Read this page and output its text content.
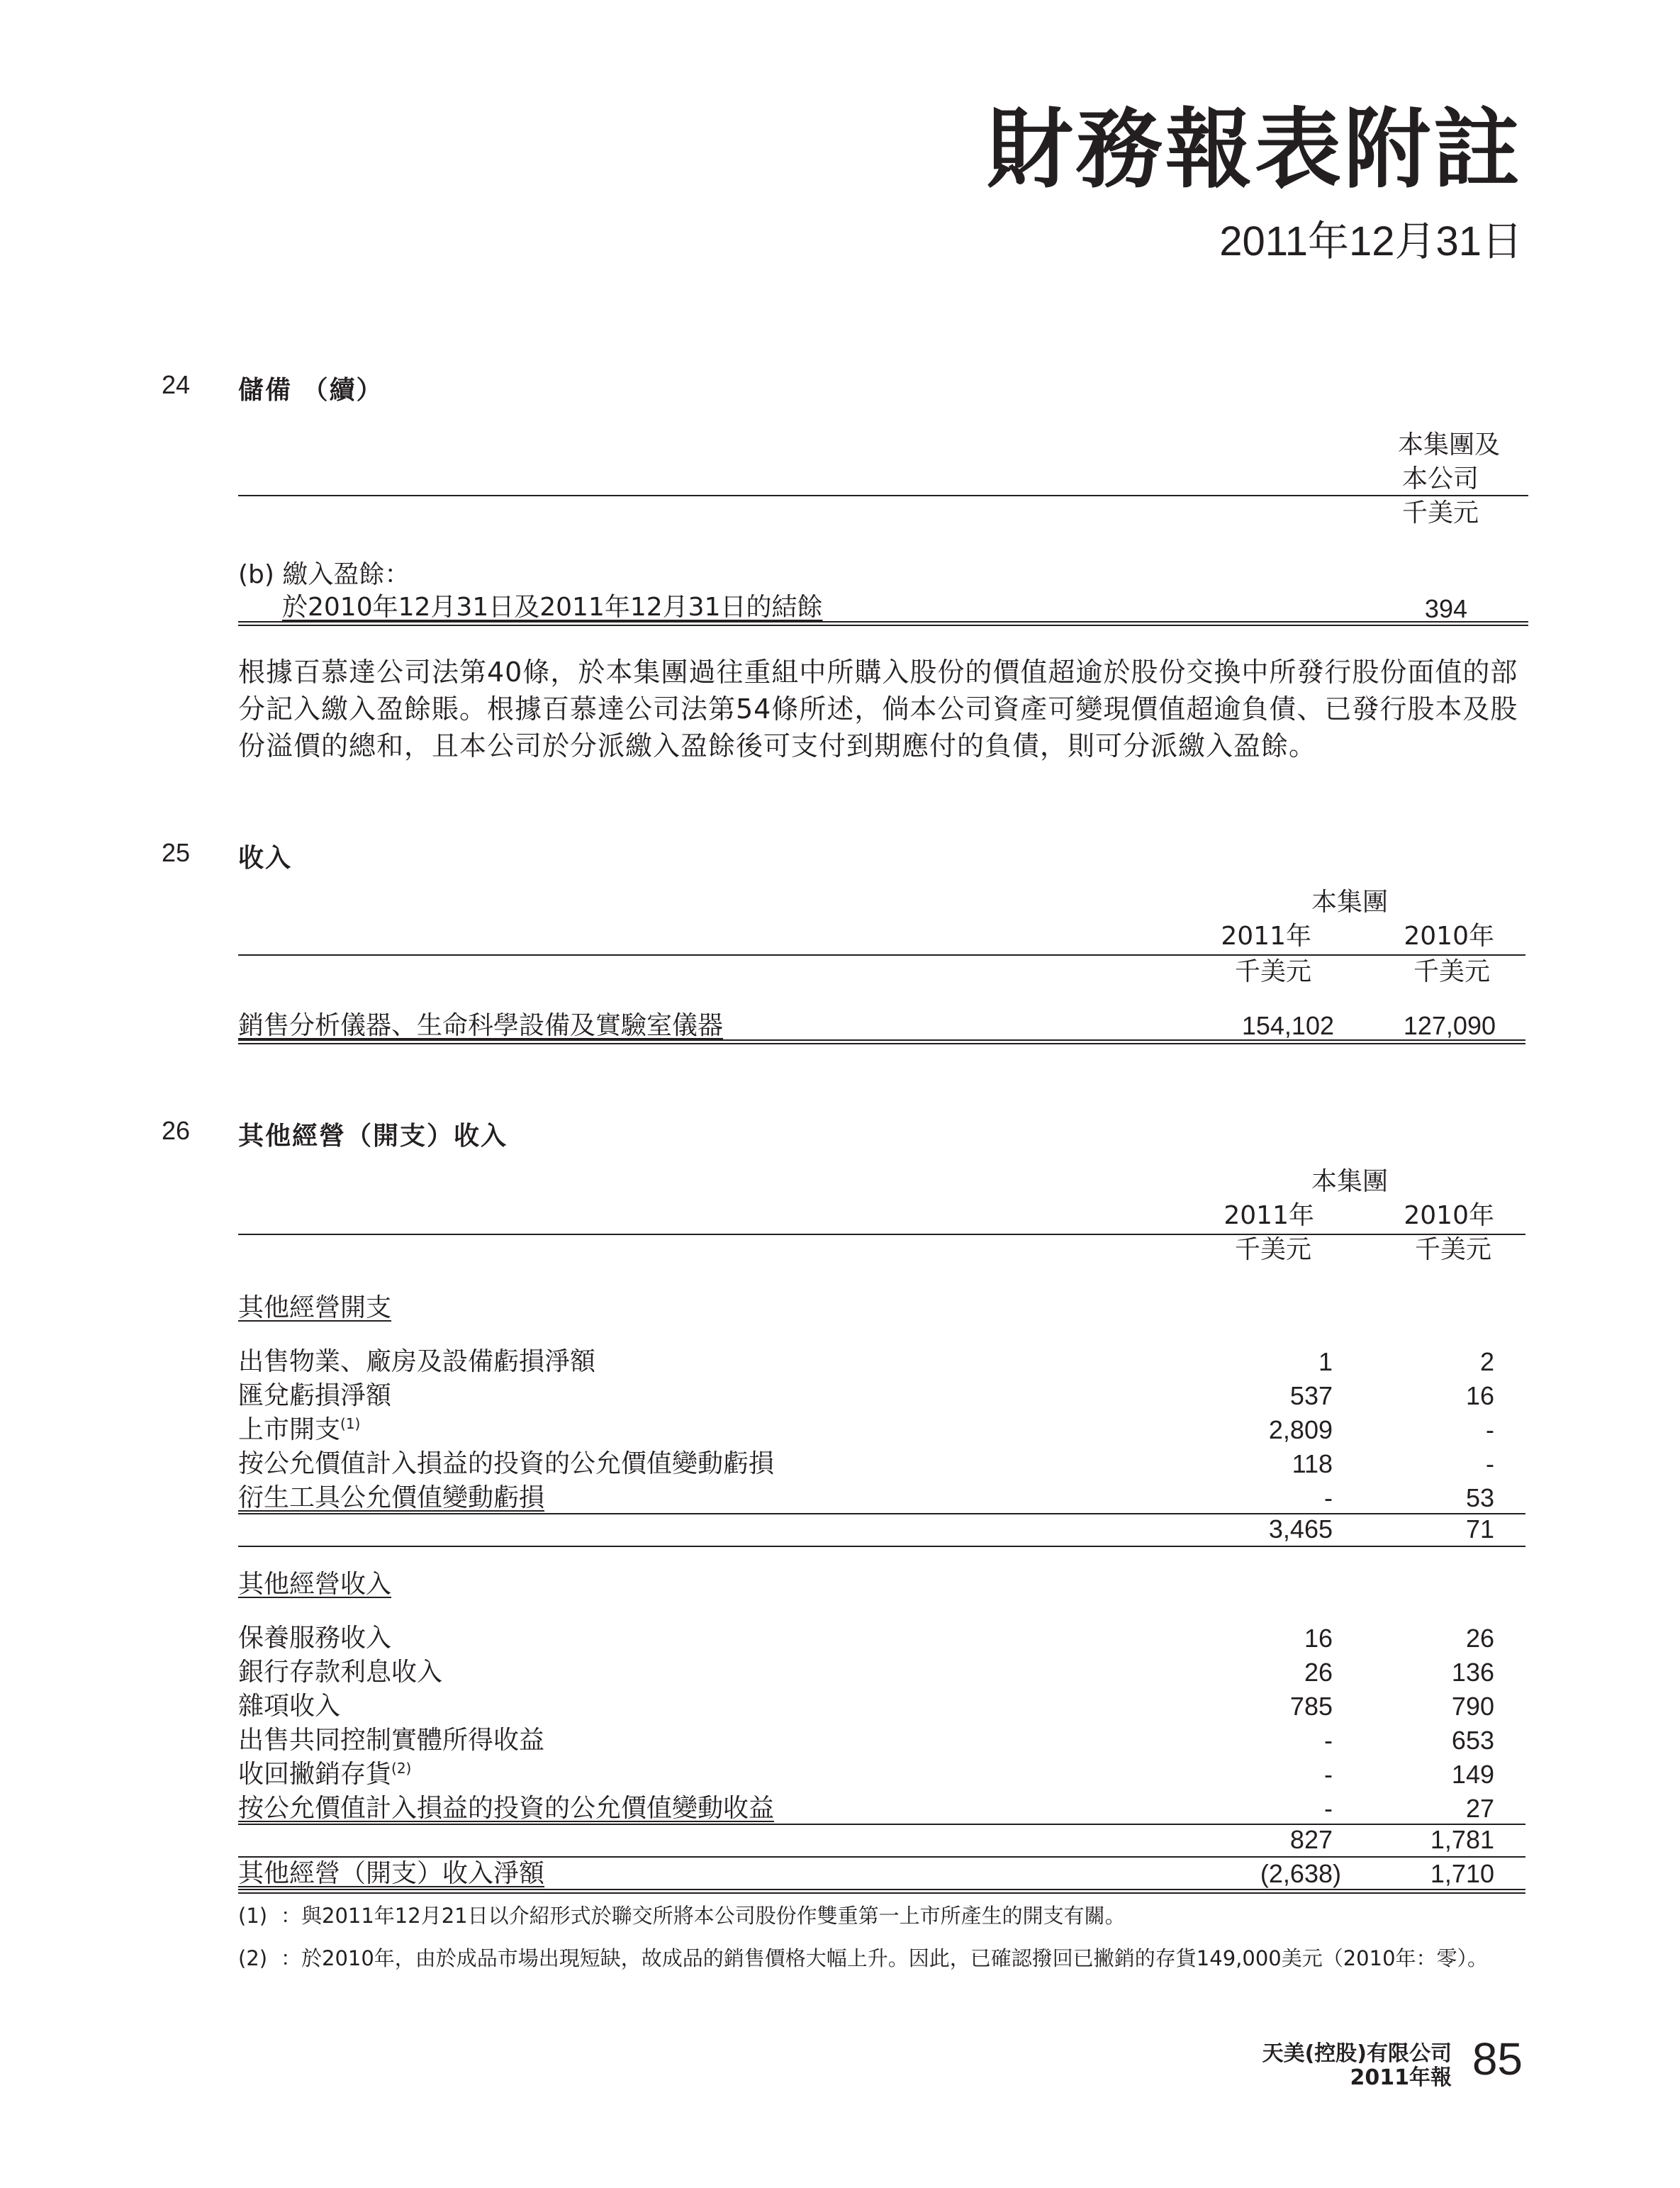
財務報表附註
2011年12月31日
24 儲備 （續）
本集團及
本公司
千美元
(b) 繳入盈餘：
於2010年12月31日及2011年12月31日的結餘	394
根據百慕達公司法第40條，於本集團過往重組中所購入股份的價值超逾於股份交換中所發行股份面值的部分記入繳入盈餘賬。根據百慕達公司法第54條所述，倘本公司資產可變現價值超逾負債、已發行股本及股份溢價的總和，且本公司於分派繳入盈餘後可支付到期應付的負債，則可分派繳入盈餘。
25 收入
本集團
2011年	2010年
千美元	千美元
銷售分析儀器、生命科學設備及實驗室儀器	154,102	127,090
26 其他經營（開支）收入
本集團
2011年	2010年
千美元	千美元
其他經營開支
出售物業、廠房及設備虧損淨額	1	2
匯兌虧損淨額	537	16
上市開支$^{(1)}$	2,809	-
按公允價值計入損益的投資的公允價值變動虧損	118	-
衍生工具公允價值變動虧損	-	53
3,465	71
其他經營收入
保養服務收入	16	26
銀行存款利息收入	26	136
雜項收入	785	790
出售共同控制實體所得收益	-	653
收回撇銷存貨$^{(2)}$	-	149
按公允價值計入損益的投資的公允價值變動收益	-	27
827	1,781
其他經營（開支）收入淨額	(2,638)	1,710
(1) ：與2011年12月21日以介紹形式於聯交所將本公司股份作雙重第一上市所產生的開支有關。
(2) ：於2010年，由於成品市場出現短缺，故成品的銷售價格大幅上升。因此，已確認撥回已撇銷的存貨149,000美元（2010年：零）。
天美(控股)有限公司
2011年報 85
